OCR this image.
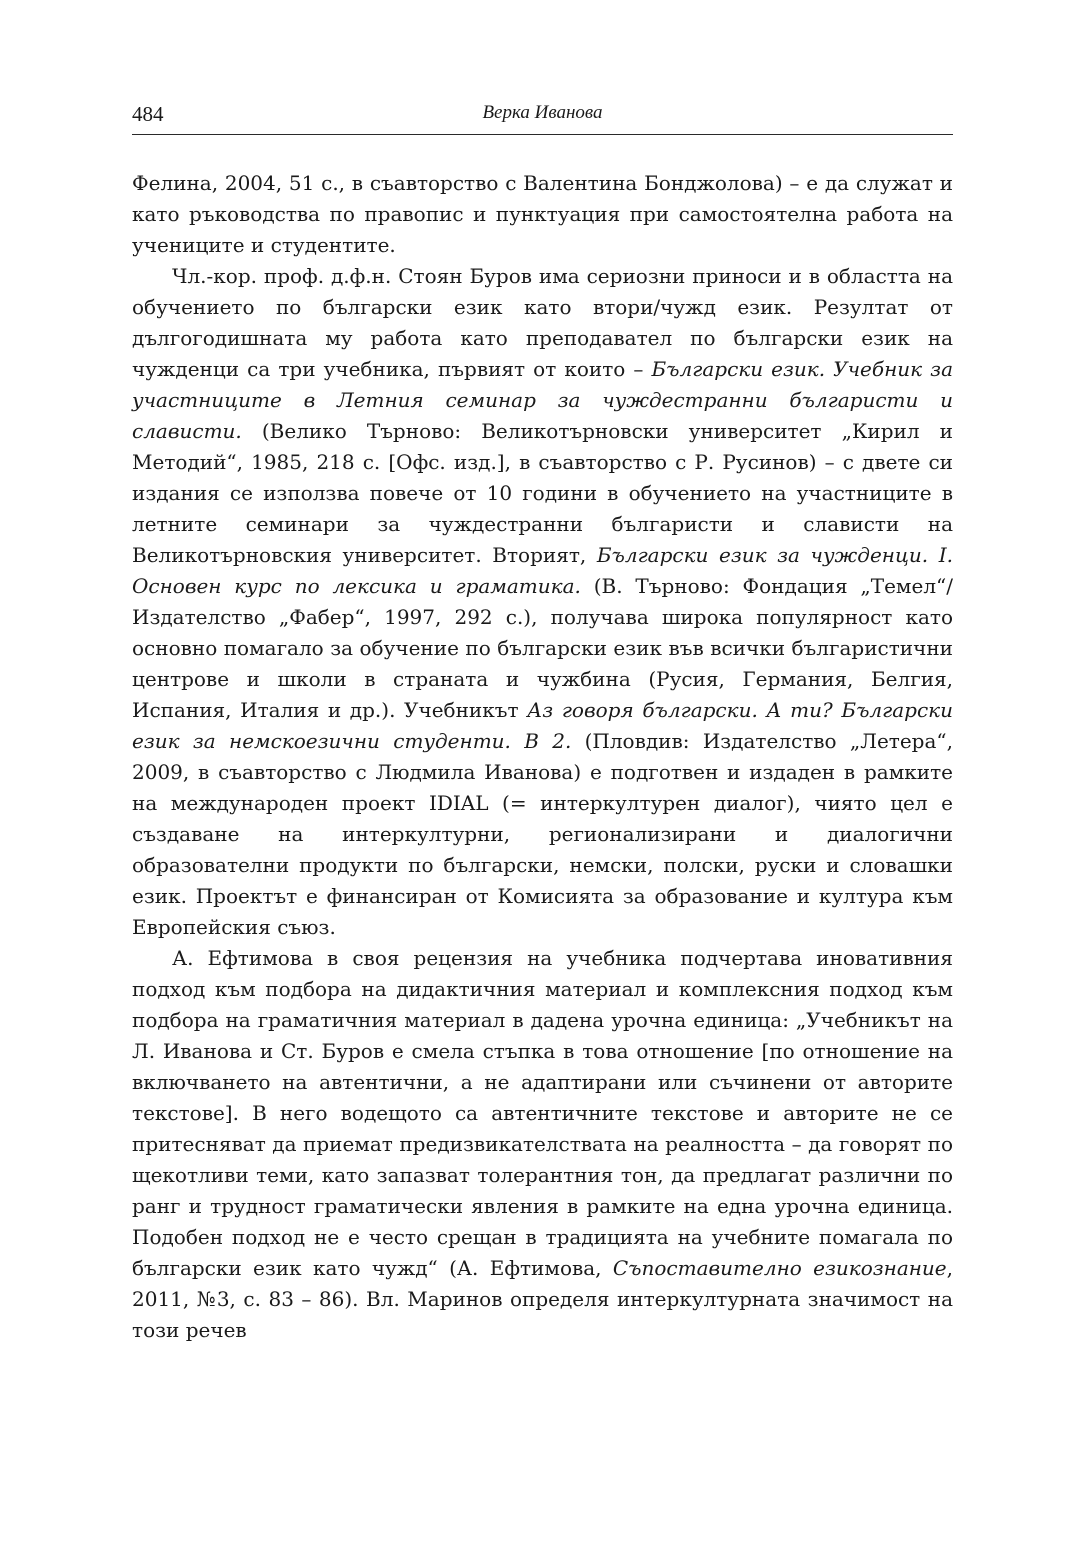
484	Верка Иванова

Фелина, 2004, 51 с., в съавторство с Валентина Бонджолова) – е да служат и като ръководства по правопис и пунктуация при самостоятелна работа на учениците и студентите.

Чл.-кор. проф. д.ф.н. Стоян Буров има сериозни приноси и в областта на обучението по български език като втори/чужд език. Резултат от дългогодишната му работа като преподавател по български език на чужденци са три учебника, първият от които – Български език. Учебник за участниците в Летния семинар за чуждестранни българисти и слависти. (Велико Търново: Великотърновски университет „Кирил и Методий“, 1985, 218 с. [Офс. изд.], в съавторство с Р. Русинов) – с двете си издания се използва повече от 10 години в обучението на участниците в летните семинари за чуждестранни българисти и слависти на Великотърновския университет. Вторият, Български език за чужденци. I. Основен курс по лексика и граматика. (В. Търново: Фондация „Темел“/Издателство „Фабер“, 1997, 292 с.), получава широка популярност като основно помагало за обучение по български език във всички българистични центрове и школи в страната и чужбина (Русия, Германия, Белгия, Испания, Италия и др.). Учебникът Аз говоря български. А ти? Български език за немскоезични студенти. В 2. (Пловдив: Издателство „Летера“, 2009, в съавторство с Людмила Иванова) е подготвен и издаден в рамките на международен проект IDIAL (= интеркултурен диалог), чиято цел е създаване на интеркултурни, регионализирани и диалогични образователни продукти по български, немски, полски, руски и словашки език. Проектът е финансиран от Комисията за образование и култура към Европейския съюз.

А. Ефтимова в своя рецензия на учебника подчертава иновативния подход към подбора на дидактичния материал и комплексния подход към подбора на граматичния материал в дадена урочна единица: „Учебникът на Л. Иванова и Ст. Буров е смела стъпка в това отношение [по отношение на включването на автентични, а не адаптирани или съчинени от авторите текстове]. В него водещото са автентичните текстове и авторите не се притесняват да приемат предизвикателствата на реалността – да говорят по щекотливи теми, като запазват толерантния тон, да предлагат различни по ранг и трудност граматически явления в рамките на една урочна единица. Подобен подход не е често срещан в традицията на учебните помагала по български език като чужд“ (А. Ефтимова, Съпоставително езикознание, 2011, №3, с. 83 – 86). Вл. Маринов определя интеркултурната значимост на този речев
